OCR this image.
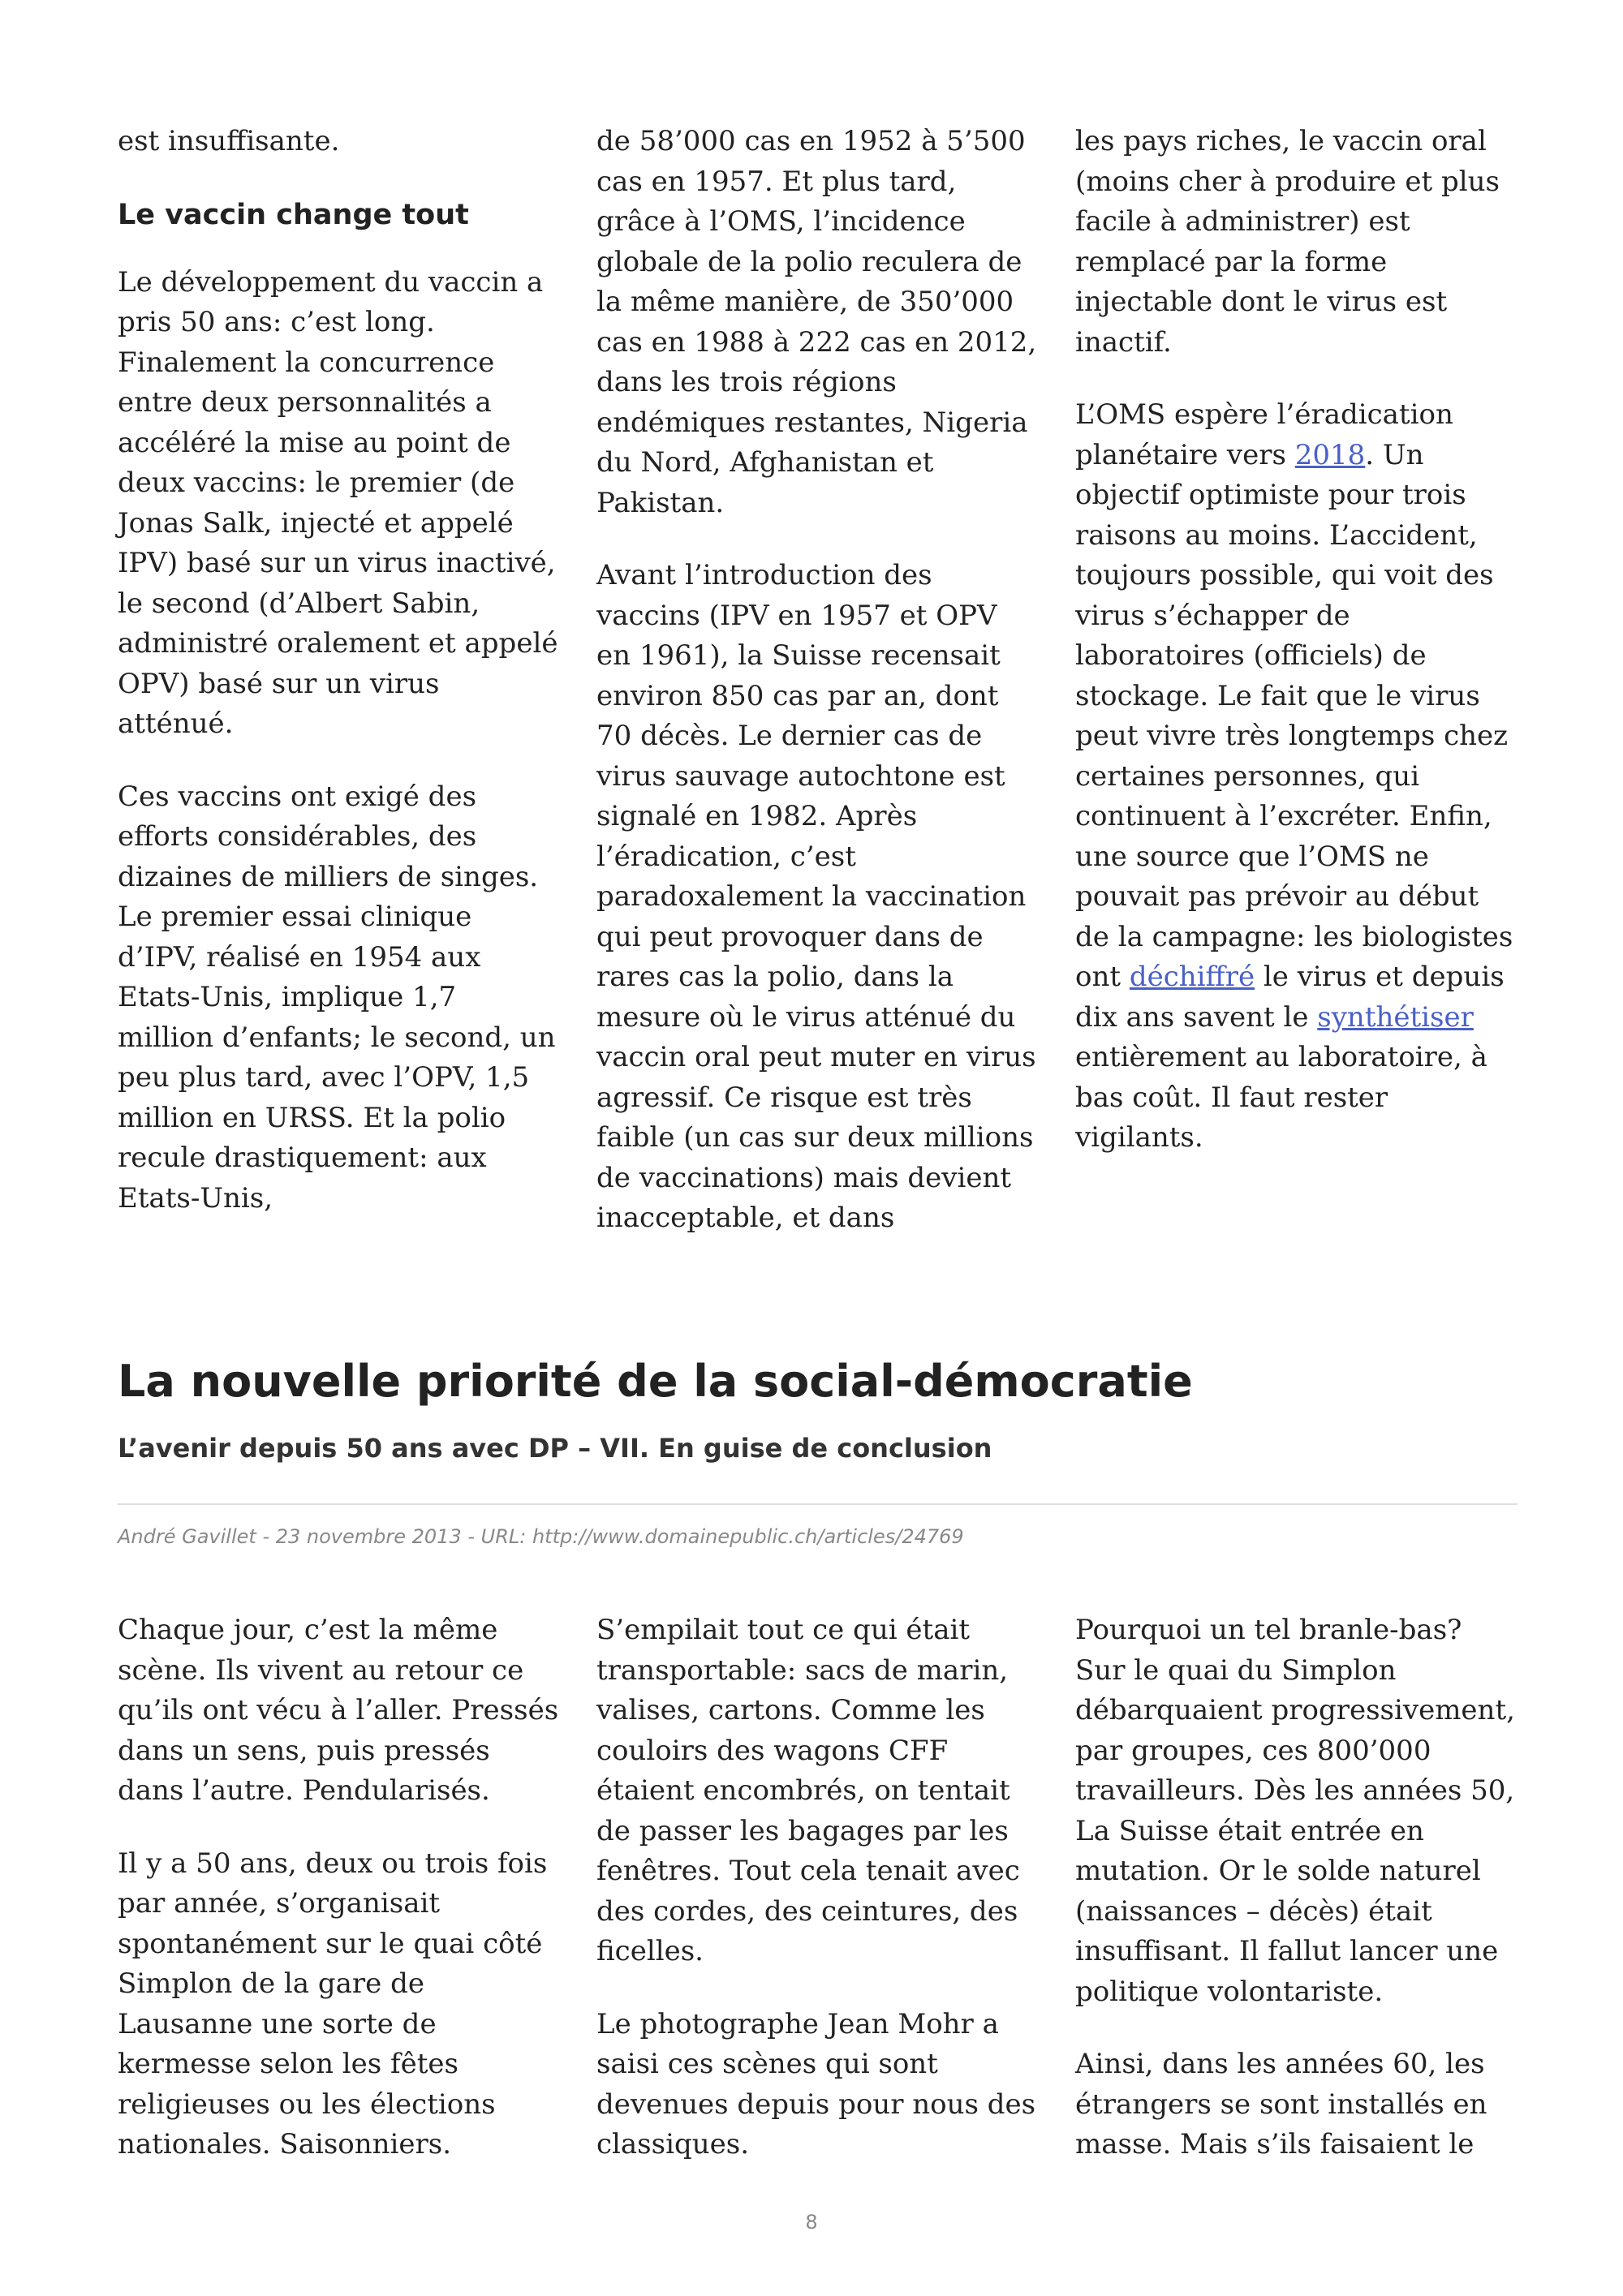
est insuffisante.

Le vaccin change tout

Le développement du vaccin a pris 50 ans: c’est long. Finalement la concurrence entre deux personnalités a accéléré la mise au point de deux vaccins: le premier (de Jonas Salk, injecté et appelé IPV) basé sur un virus inactivé, le second (d’Albert Sabin, administré oralement et appelé OPV) basé sur un virus atténué.

Ces vaccins ont exigé des efforts considérables, des dizaines de milliers de singes. Le premier essai clinique d’IPV, réalisé en 1954 aux Etats-Unis, implique 1,7 million d’enfants; le second, un peu plus tard, avec l’OPV, 1,5 million en URSS. Et la polio recule drastiquement: aux Etats-Unis,

de 58’000 cas en 1952 à 5’500 cas en 1957. Et plus tard, grâce à l’OMS, l’incidence globale de la polio reculera de la même manière, de 350’000 cas en 1988 à 222 cas en 2012, dans les trois régions endémiques restantes, Nigeria du Nord, Afghanistan et Pakistan.

Avant l’introduction des vaccins (IPV en 1957 et OPV en 1961), la Suisse recensait environ 850 cas par an, dont 70 décès. Le dernier cas de virus sauvage autochtone est signalé en 1982. Après l’éradication, c’est paradoxalement la vaccination qui peut provoquer dans de rares cas la polio, dans la mesure où le virus atténué du vaccin oral peut muter en virus agressif. Ce risque est très faible (un cas sur deux millions de vaccinations) mais devient inacceptable, et dans

les pays riches, le vaccin oral (moins cher à produire et plus facile à administrer) est remplacé par la forme injectable dont le virus est inactif.

L’OMS espère l’éradication planétaire vers 2018. Un objectif optimiste pour trois raisons au moins. L’accident, toujours possible, qui voit des virus s’échapper de laboratoires (officiels) de stockage. Le fait que le virus peut vivre très longtemps chez certaines personnes, qui continuent à l’excréter. Enfin, une source que l’OMS ne pouvait pas prévoir au début de la campagne: les biologistes ont déchiffré le virus et depuis dix ans savent le synthétiser entièrement au laboratoire, à bas coût. Il faut rester vigilants.

La nouvelle priorité de la social-démocratie
L’avenir depuis 50 ans avec DP – VII. En guise de conclusion
André Gavillet - 23 novembre 2013 - URL: http://www.domainepublic.ch/articles/24769

Chaque jour, c’est la même scène. Ils vivent au retour ce qu’ils ont vécu à l’aller. Pressés dans un sens, puis pressés dans l’autre. Pendularisés.

Il y a 50 ans, deux ou trois fois par année, s’organisait spontanément sur le quai côté Simplon de la gare de Lausanne une sorte de kermesse selon les fêtes religieuses ou les élections nationales. Saisonniers.

S’empilait tout ce qui était transportable: sacs de marin, valises, cartons. Comme les couloirs des wagons CFF étaient encombrés, on tentait de passer les bagages par les fenêtres. Tout cela tenait avec des cordes, des ceintures, des ficelles.

Le photographe Jean Mohr a saisi ces scènes qui sont devenues depuis pour nous des classiques.

Pourquoi un tel branle-bas? Sur le quai du Simplon débarquaient progressivement, par groupes, ces 800’000 travailleurs. Dès les années 50, La Suisse était entrée en mutation. Or le solde naturel (naissances – décès) était insuffisant. Il fallut lancer une politique volontariste.

Ainsi, dans les années 60, les étrangers se sont installés en masse. Mais s’ils faisaient le

8
